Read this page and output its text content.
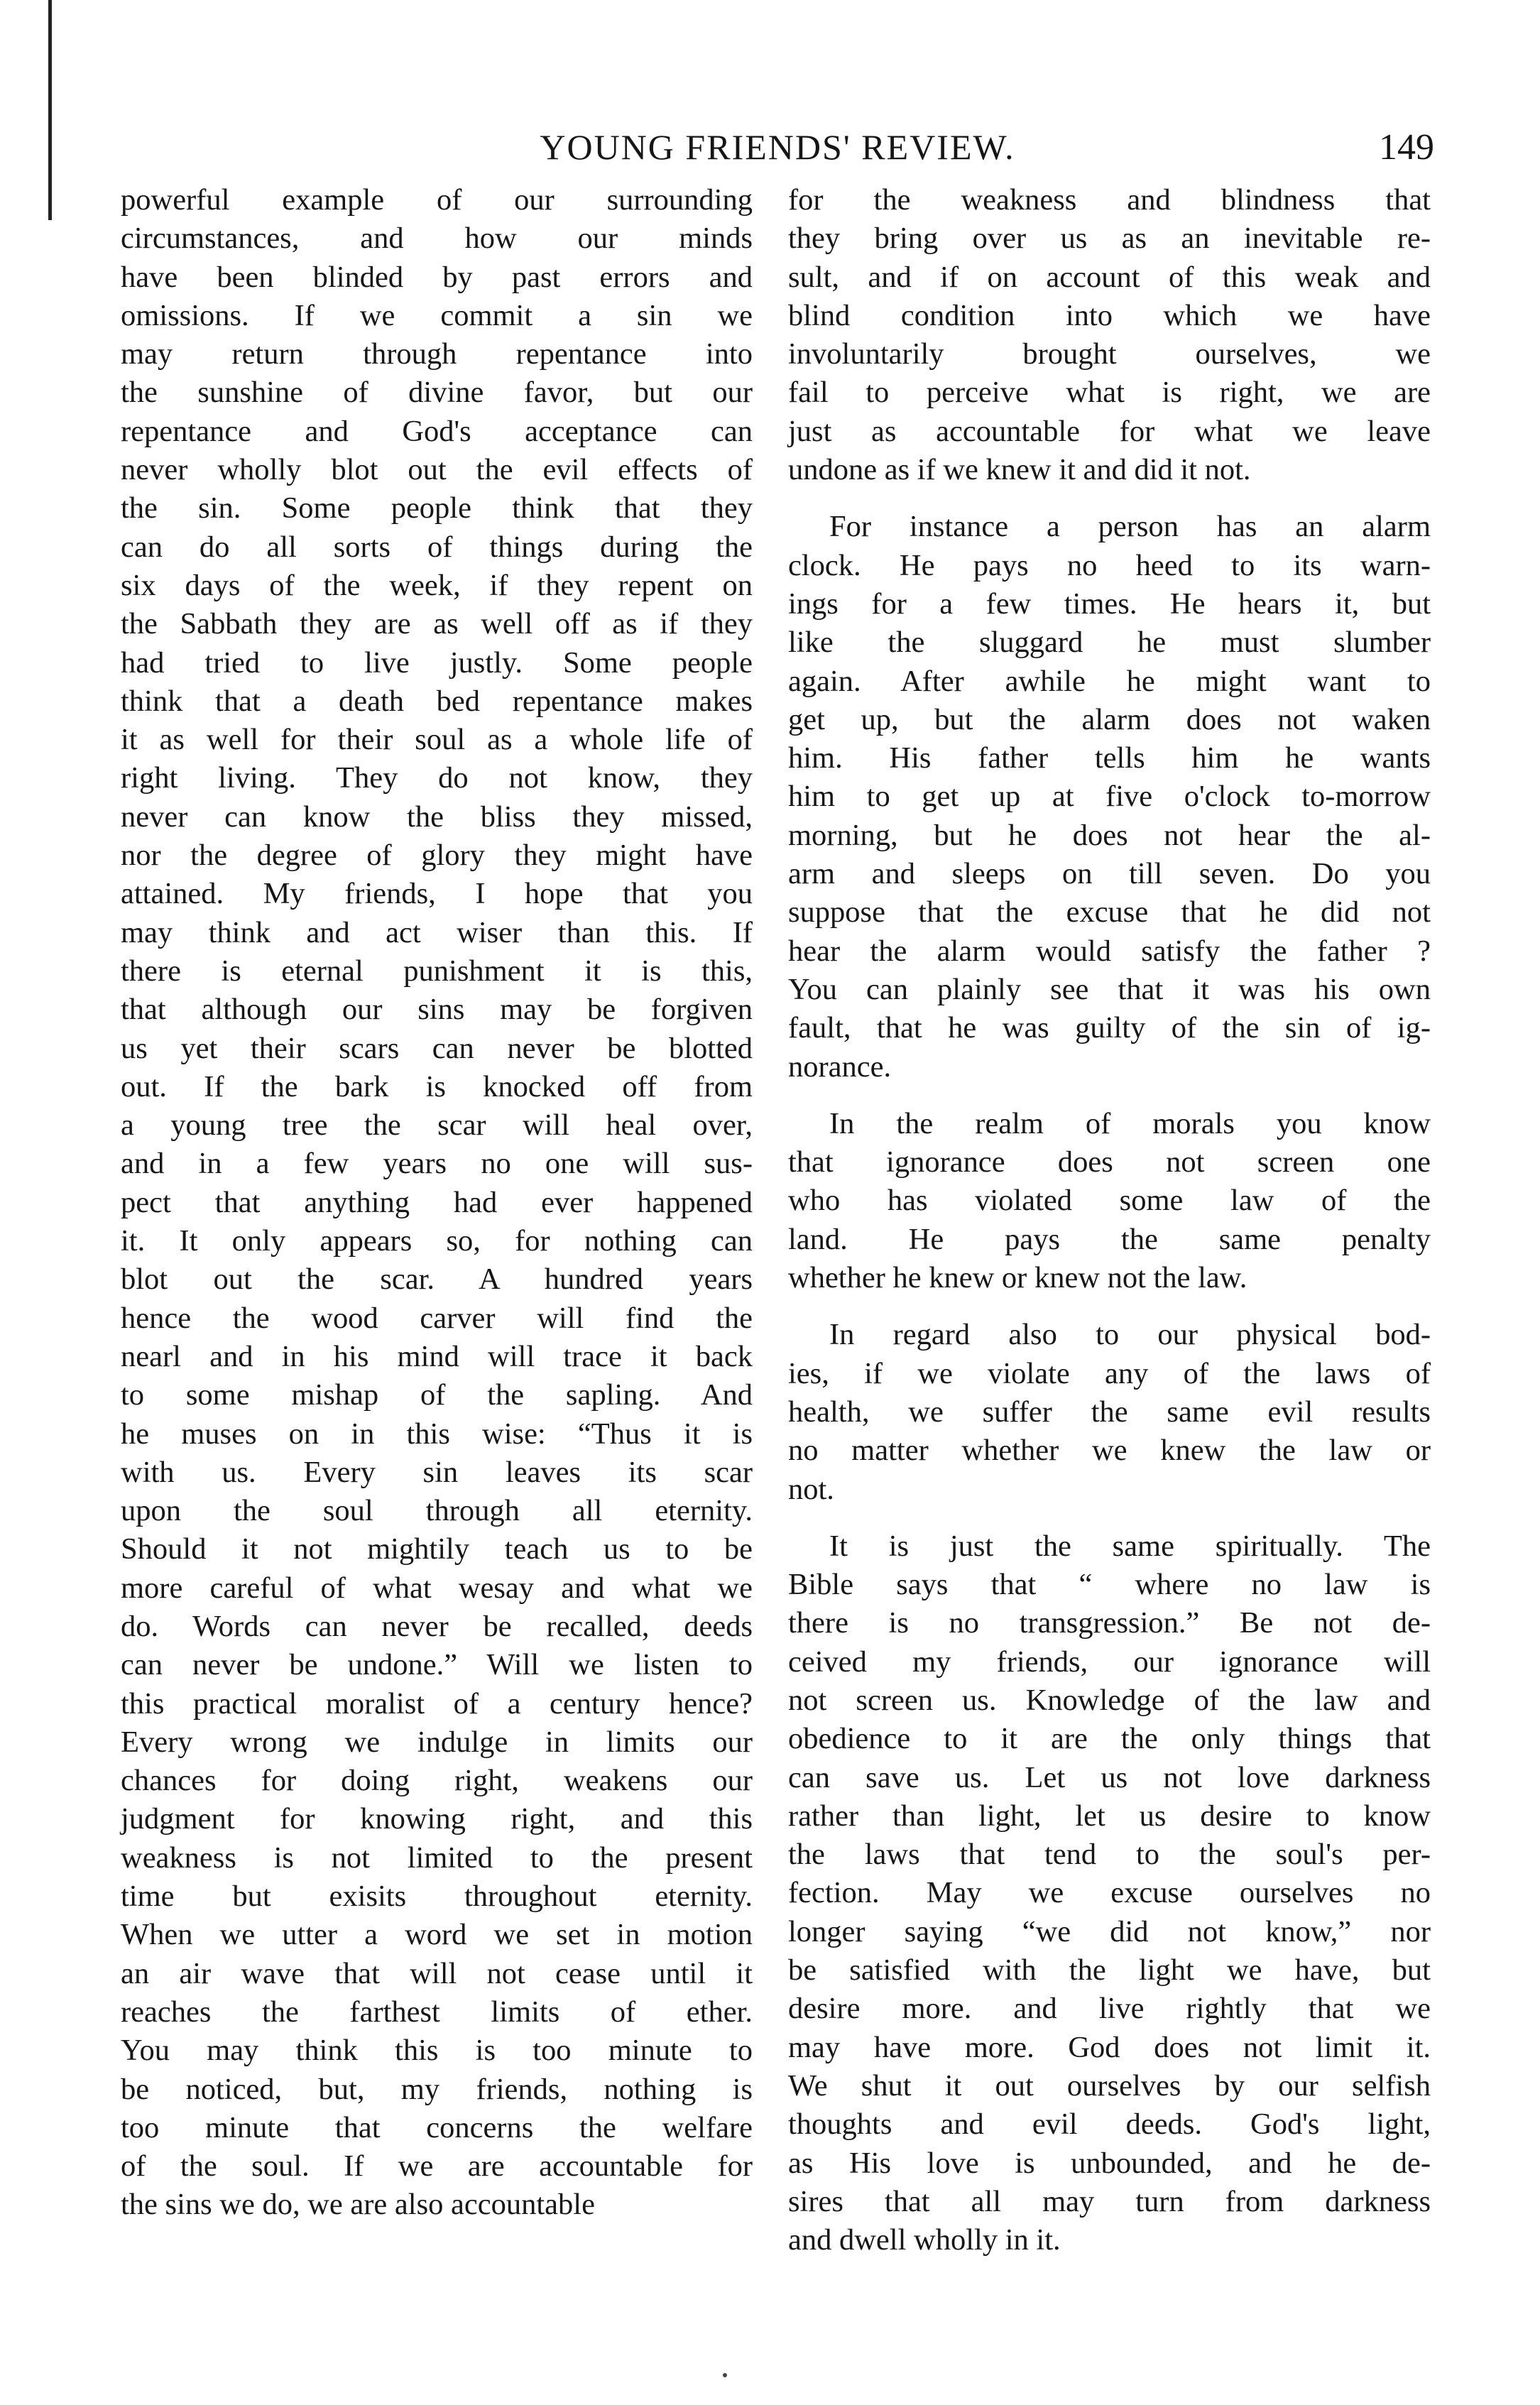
YOUNG FRIENDS' REVIEW.	149
powerful example of our surrounding
circumstances, and how our minds
have been blinded by past errors and
omissions. If we commit a sin we
may return through repentance into
the sunshine of divine favor, but our
repentance and God's acceptance can
never wholly blot out the evil effects of
the sin. Some people think that they
can do all sorts of things during the
six days of the week, if they repent on
the Sabbath they are as well off as if they
had tried to live justly. Some people
think that a death bed repentance makes
it as well for their soul as a whole life of
right living. They do not know, they
never can know the bliss they missed,
nor the degree of glory they might have
attained. My friends, I hope that you
may think and act wiser than this. If
there is eternal punishment it is this,
that although our sins may be forgiven
us yet their scars can never be blotted
out. If the bark is knocked off from
a young tree the scar will heal over,
and in a few years no one will sus-
pect that anything had ever happened
it. It only appears so, for nothing can
blot out the scar. A hundred years
hence the wood carver will find the
nearl and in his mind will trace it back
to some mishap of the sapling. And
he muses on in this wise: “Thus it is
with us. Every sin leaves its scar
upon the soul through all eternity.
Should it not mightily teach us to be
more careful of what wesay and what we
do. Words can never be recalled, deeds
can never be undone.” Will we listen to
this practical moralist of a century hence?
Every wrong we indulge in limits our
chances for doing right, weakens our
judgment for knowing right, and this
weakness is not limited to the present
time but exisits throughout eternity.
When we utter a word we set in motion
an air wave that will not cease until it
reaches the farthest limits of ether.
You may think this is too minute to
be noticed, but, my friends, nothing is
too minute that concerns the welfare
of the soul. If we are accountable for
the sins we do, we are also accountable
for the weakness and blindness that
they bring over us as an inevitable re-
sult, and if on account of this weak and
blind condition into which we have
involuntarily brought ourselves, we
fail to perceive what is right, we are
just as accountable for what we leave
undone as if we knew it and did it not.
For instance a person has an alarm
clock. He pays no heed to its warn-
ings for a few times. He hears it, but
like the sluggard he must slumber
again. After awhile he might want to
get up, but the alarm does not waken
him. His father tells him he wants
him to get up at five o'clock to-morrow
morning, but he does not hear the al-
arm and sleeps on till seven. Do you
suppose that the excuse that he did not
hear the alarm would satisfy the father ?
You can plainly see that it was his own
fault, that he was guilty of the sin of ig-
norance.
In the realm of morals you know
that ignorance does not screen one
who has violated some law of the
land. He pays the same penalty
whether he knew or knew not the law.
In regard also to our physical bod-
ies, if we violate any of the laws of
health, we suffer the same evil results
no matter whether we knew the law or
not.
It is just the same spiritually. The
Bible says that “ where no law is
there is no transgression.” Be not de-
ceived my friends, our ignorance will
not screen us. Knowledge of the law and
obedience to it are the only things that
can save us. Let us not love darkness
rather than light, let us desire to know
the laws that tend to the soul's per-
fection. May we excuse ourselves no
longer saying “we did not know,” nor
be satisfied with the light we have, but
desire more. and live rightly that we
may have more. God does not limit it.
We shut it out ourselves by our selfish
thoughts and evil deeds. God's light,
as His love is unbounded, and he de-
sires that all may turn from darkness
and dwell wholly in it.
